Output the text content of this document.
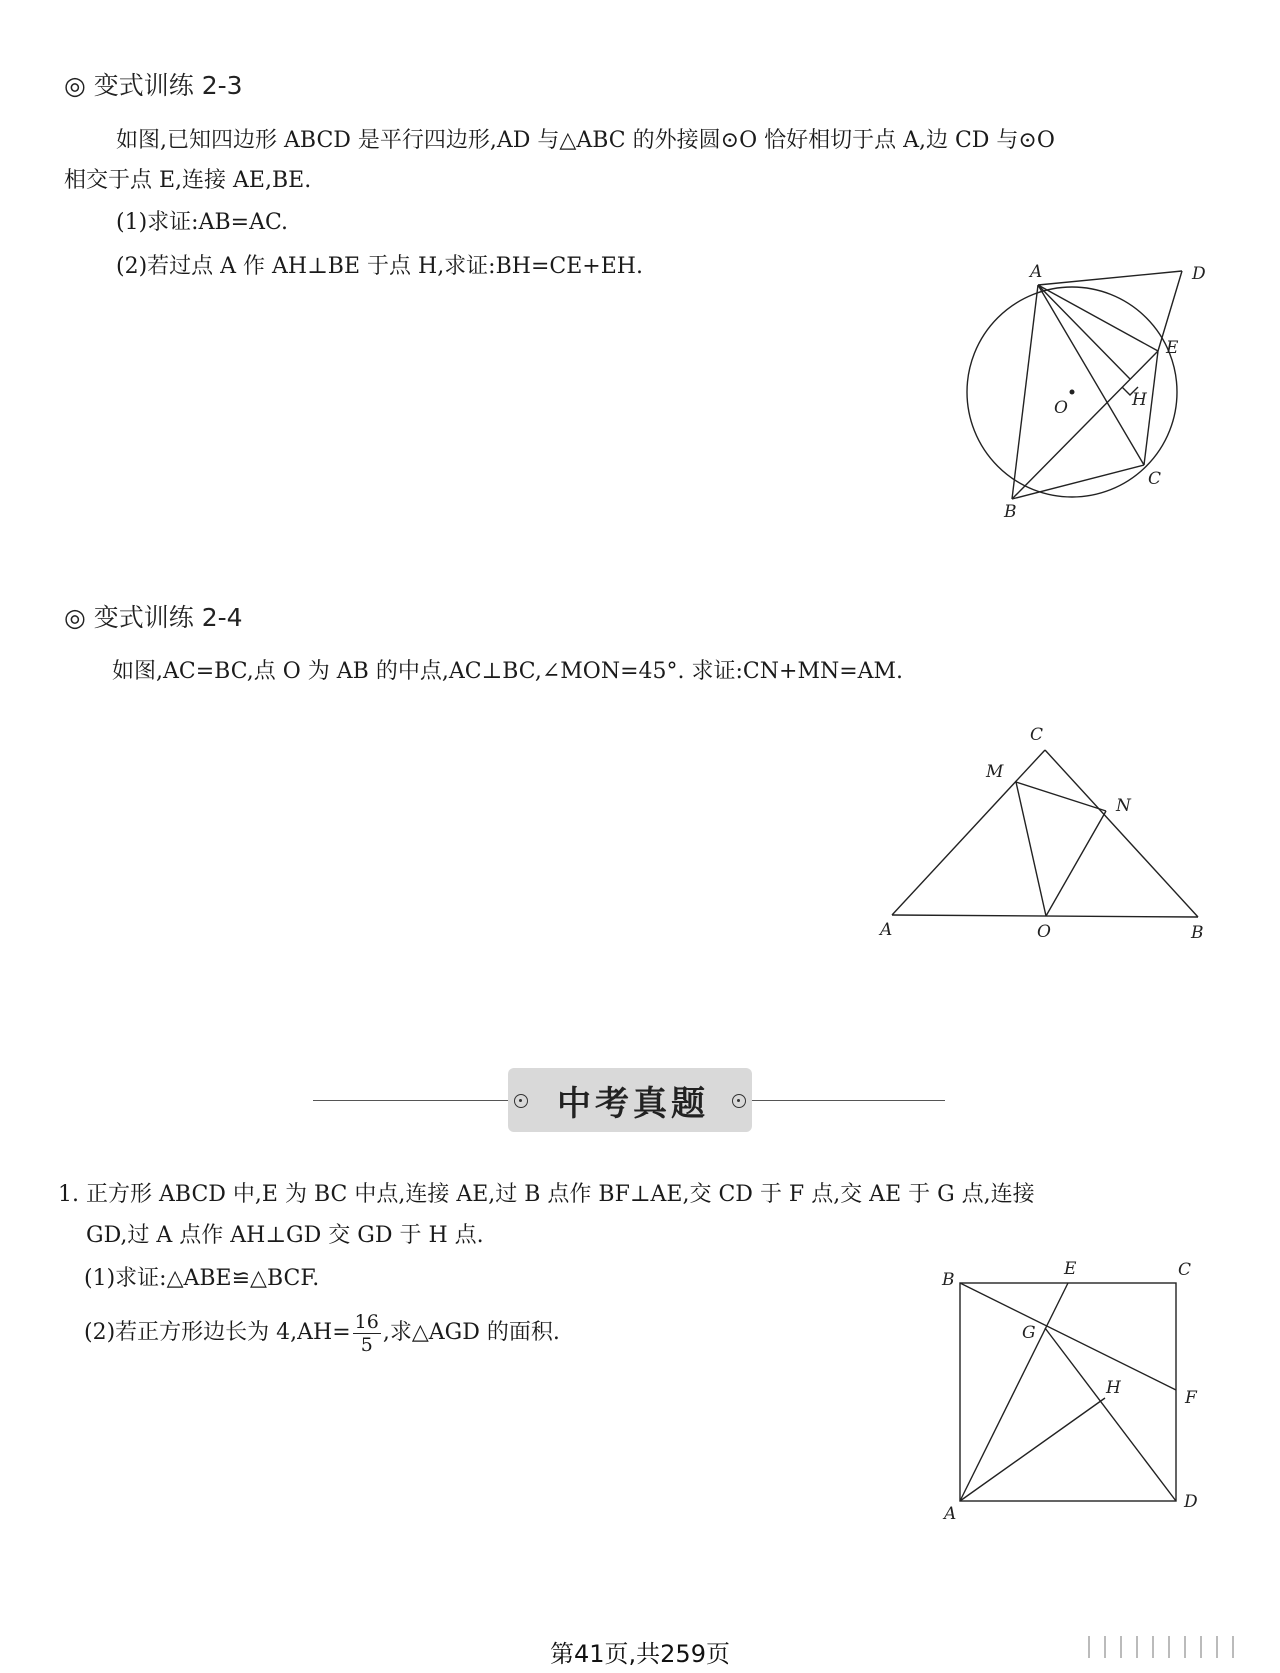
◎ 变式训练 2-3
如图,已知四边形 ABCD 是平行四边形,AD 与△ABC 的外接圆⊙O 恰好相切于点 A,边 CD 与⊙O
相交于点 E,连接 AE,BE.
(1)求证:AB=AC.
(2)若过点 A 作 AH⊥BE 于点 H,求证:BH=CE+EH.	A
B
C
D
E
H
O
◎ 变式训练 2-4
如图,AC=BC,点 O 为 AB 的中点,AC⊥BC,∠MON=45°. 求证:CN+MN=AM.
A	B
C
M
N
O
中考真题
1. 正方形 ABCD 中,E 为 BC 中点,连接 AE,过 B 点作 BF⊥AE,交 CD 于 F 点,交 AE 于 G 点,连接
GD,过 A 点作 AH⊥GD 交 GD 于 H 点.
(1)求证:△ABE≌△BCF.
(2)若正方形边长为 $4,AH= \frac{16}{5}$ ,求△AGD 的面积.
A
B	C
D
E
F
G
H
第41页,共259页
